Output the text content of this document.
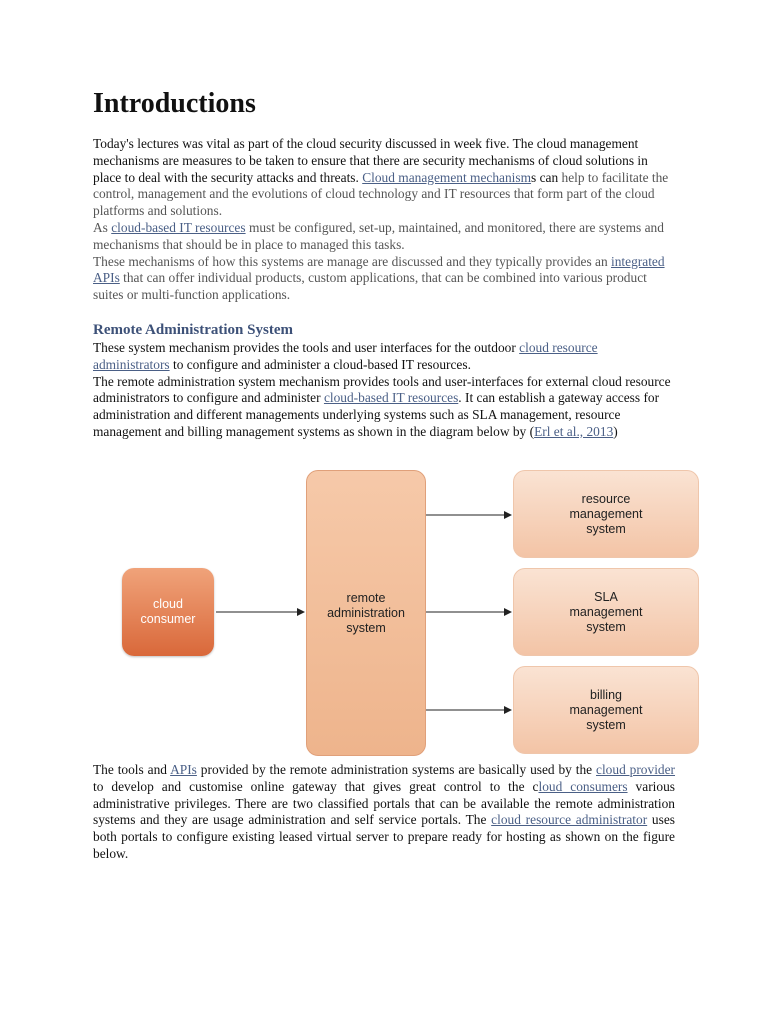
Introductions
Today's lectures was vital as part of the cloud security discussed in week five. The cloud management mechanisms are measures to be taken to ensure that there are security mechanisms of cloud solutions in place to deal with the security attacks and threats. Cloud management mechanisms can help to facilitate the control, management and the evolutions of cloud technology and IT resources that form part of the cloud platforms and solutions.
As cloud-based IT resources must be configured, set-up, maintained, and monitored, there are systems and mechanisms that should be in place to managed this tasks.
These mechanisms of how this systems are manage are discussed and they typically provides an integrated APIs that can offer individual products, custom applications, that can be combined into various product suites or multi-function applications.
Remote Administration System
These system mechanism provides the tools and user interfaces for the outdoor cloud resource administrators to configure and administer a cloud-based IT resources.
The remote administration system mechanism provides tools and user-interfaces for external cloud resource administrators to configure and administer cloud-based IT resources. It can establish a gateway access for administration and different managements underlying systems such as SLA management, resource management and billing management systems as shown in the diagram below by (Erl et al., 2013)
The tools and APIs provided by the remote administration systems are basically used by the cloud provider to develop and customise online gateway that gives great control to the cloud consumers various administrative privileges. There are two classified portals that can be available the remote administration systems and they are usage administration and self service portals. The cloud resource administrator uses both portals to configure existing leased virtual server to prepare ready for hosting as shown on the figure below.
cloud consumer
remote administration system
resource management system
SLA management system
billing management system
